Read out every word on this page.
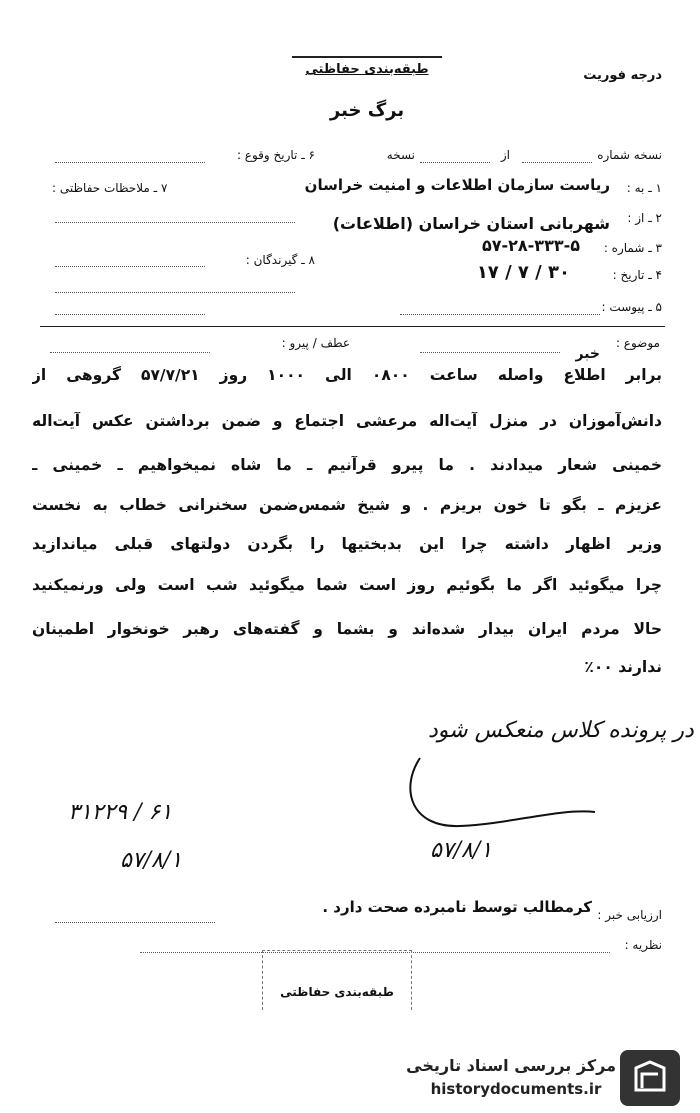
درجه فوریت
طبقه‌بندی حفاظتی
برگ خبر
نسخه شماره
از
نسخه
۶ ـ تاریخ وقوع :
۱ ـ به :
ریاست سازمان اطلاعات و امنیت خراسان
۷ ـ ملاحظات حفاظتی :
۲ ـ از :
شهربانی استان خراسان (اطلاعات)
۳ ـ شماره :
۵۷-۲۸-۳۳۳-۵
۸ ـ گیرندگان :
۴ ـ تاریخ :
۳۰ / ۷ / ۱۷
۵ ـ پیوست :
موضوع :
خبر
عطف / پیرو :
برابر اطلاع واصله ساعت ۰۸۰۰ الی ۱۰۰۰ روز ۵۷/۷/۲۱ گروهی از
دانش‌آموزان در منزل آیت‌اله مرعشی اجتماع و ضمن برداشتن عکس آیت‌اله
خمینی شعار میدادند . ما پیرو قرآنیم ـ ما شاه نمیخواهیم ـ خمینی ـ
عزیزم ـ بگو تا خون بریزم . و شیخ شمس‌ضمن سخنرانی خطاب به نخست
وزیر اظهار داشته چرا این بدبختیها را بگردن دولتهای قبلی میاندازید
چرا میگوئید اگر ما بگوئیم روز است شما میگوئید شب است ولی ورنمیکنید
حالا مردم ایران بیدار شده‌اند و بشما و گفته‌های رهبر خونخوار اطمینان
ندارند ۰۰٪
در پرونده کلاس منعکس شود
۵۷/۸/۱
۶۱ / ۳۱۲۲۹
۵۷/۸/۱
ارزیابی خبر :
کرمطالب توسط نامبرده صحت دارد .
نظریه :
طبقه‌بندی حفاظتی
مرکز بررسی اسناد تاریخی
historydocuments.ir
